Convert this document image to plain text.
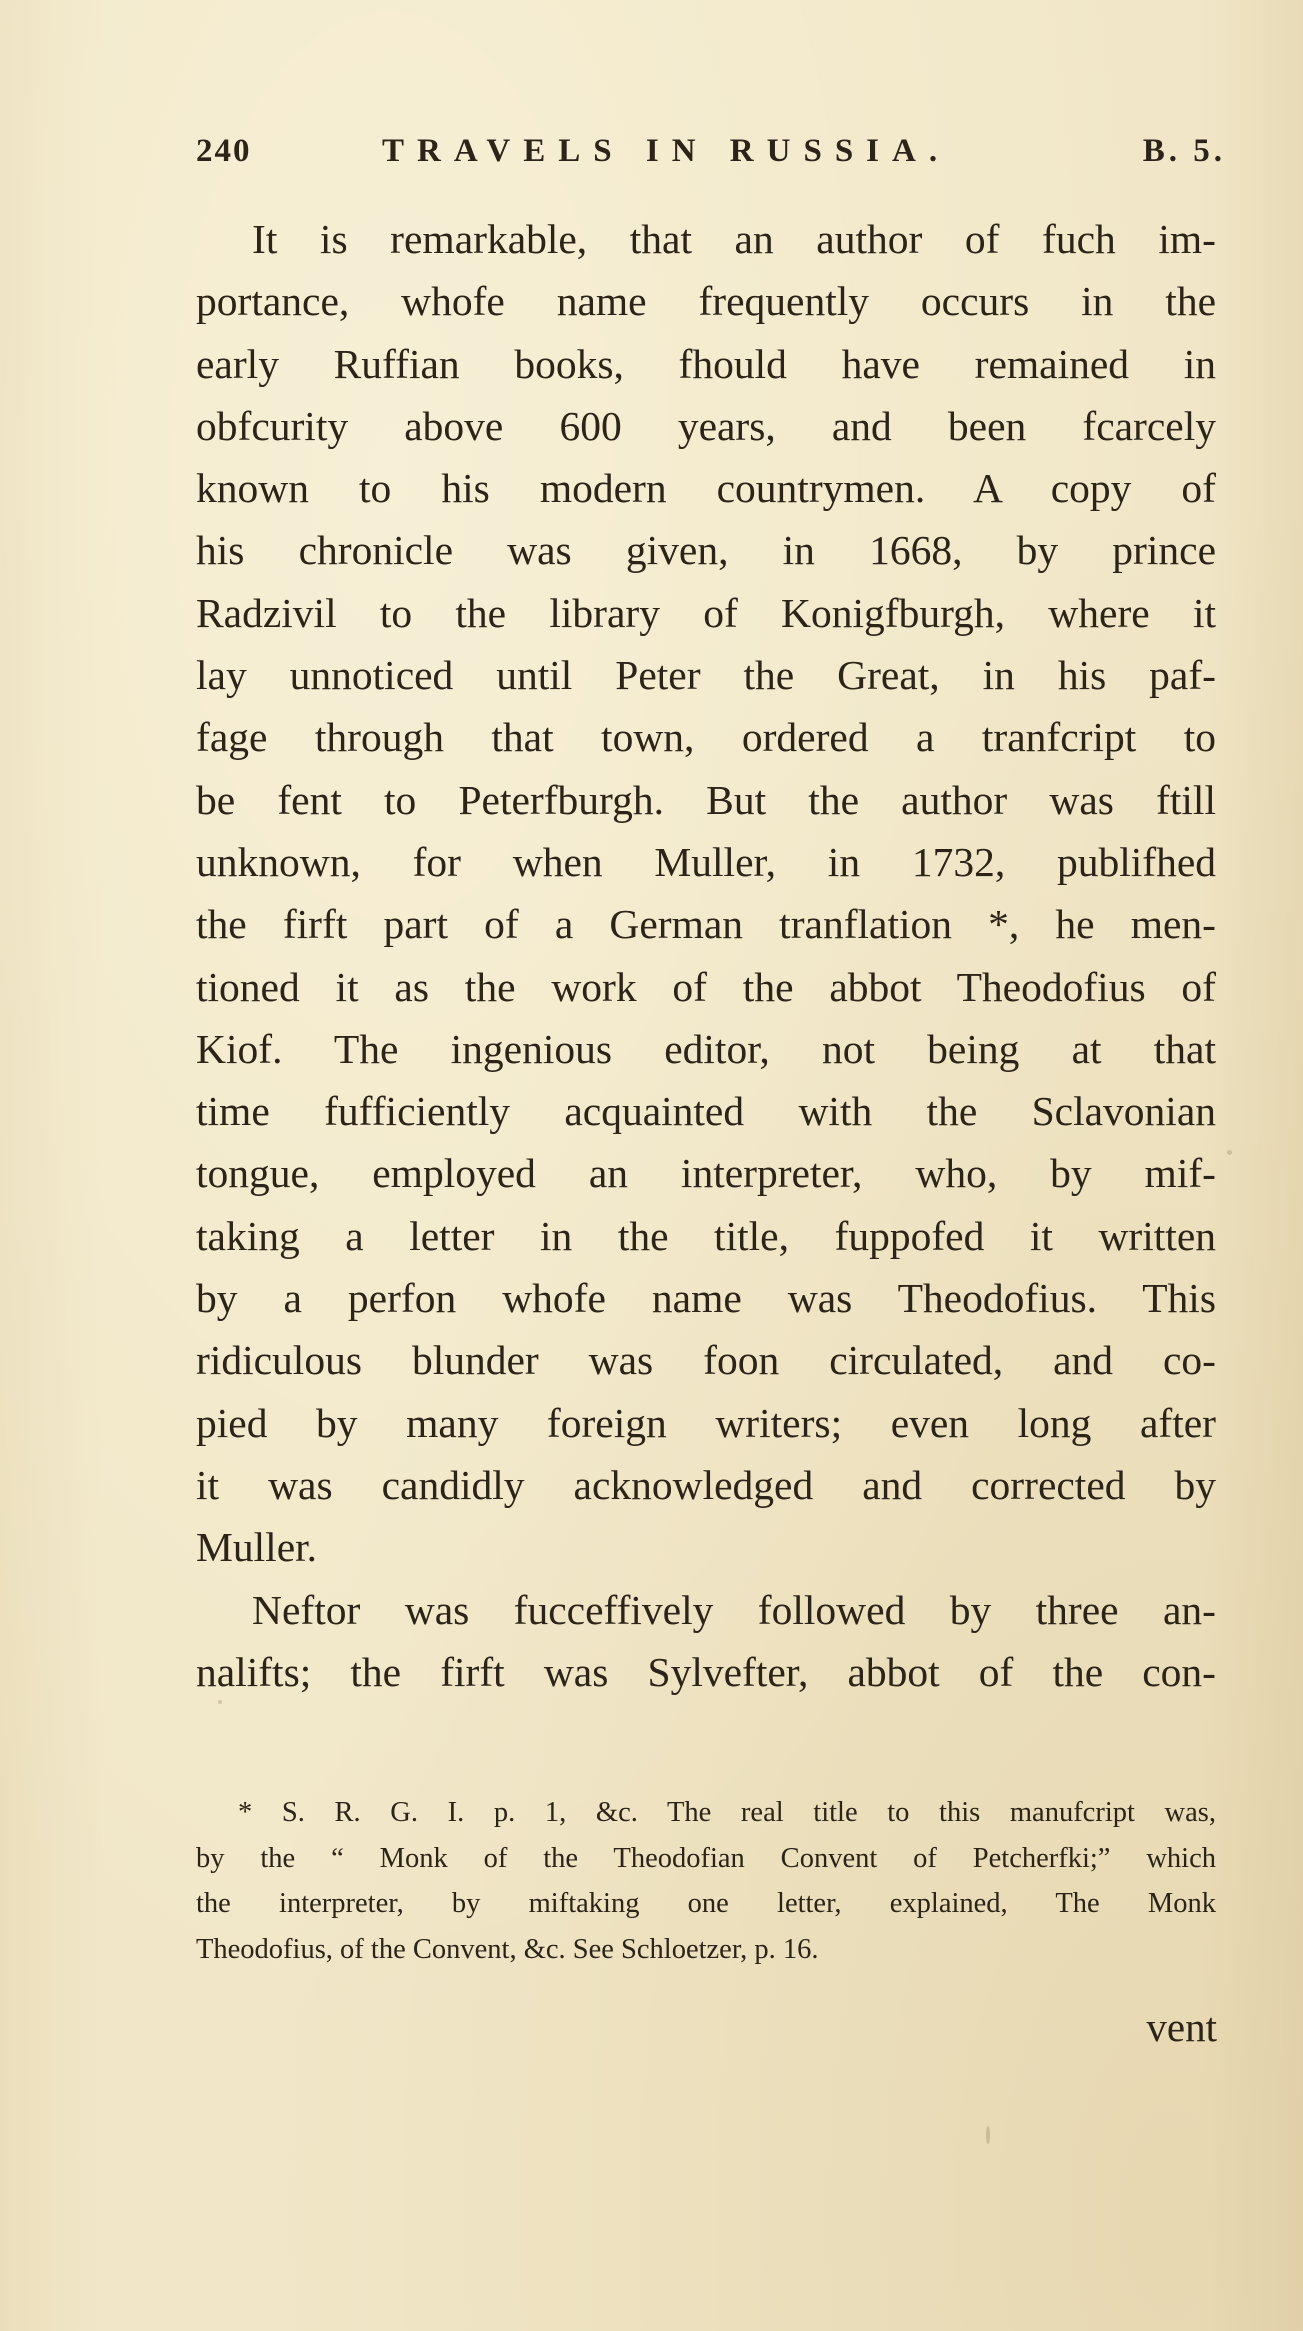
240	TRAVELS IN RUSSIA.	B. 5.
It is remarkable, that an author of fuch im-
portance, whofe name frequently occurs in the
early Ruffian books, fhould have remained in
obfcurity above 600 years, and been fcarcely
known to his modern countrymen. A copy of
his chronicle was given, in 1668, by prince
Radzivil to the library of Konigfburgh, where it
lay unnoticed until Peter the Great, in his paf-
fage through that town, ordered a tranfcript to
be fent to Peterfburgh. But the author was ftill
unknown, for when Muller, in 1732, publifhed
the firft part of a German tranflation *, he men-
tioned it as the work of the abbot Theodofius of
Kiof. The ingenious editor, not being at that
time fufficiently acquainted with the Sclavonian
tongue, employed an interpreter, who, by mif-
taking a letter in the title, fuppofed it written
by a perfon whofe name was Theodofius. This
ridiculous blunder was foon circulated, and co-
pied by many foreign writers; even long after
it was candidly acknowledged and corrected by
Muller.
Neftor was fucceffively followed by three an-
nalifts; the firft was Sylvefter, abbot of the con-
* S. R. G. I. p. 1, &c. The real title to this manufcript was,
by the “ Monk of the Theodofian Convent of Petcherfki;” which
the interpreter, by miftaking one letter, explained, The Monk
Theodofius, of the Convent, &c. See Schloetzer, p. 16.
vent
